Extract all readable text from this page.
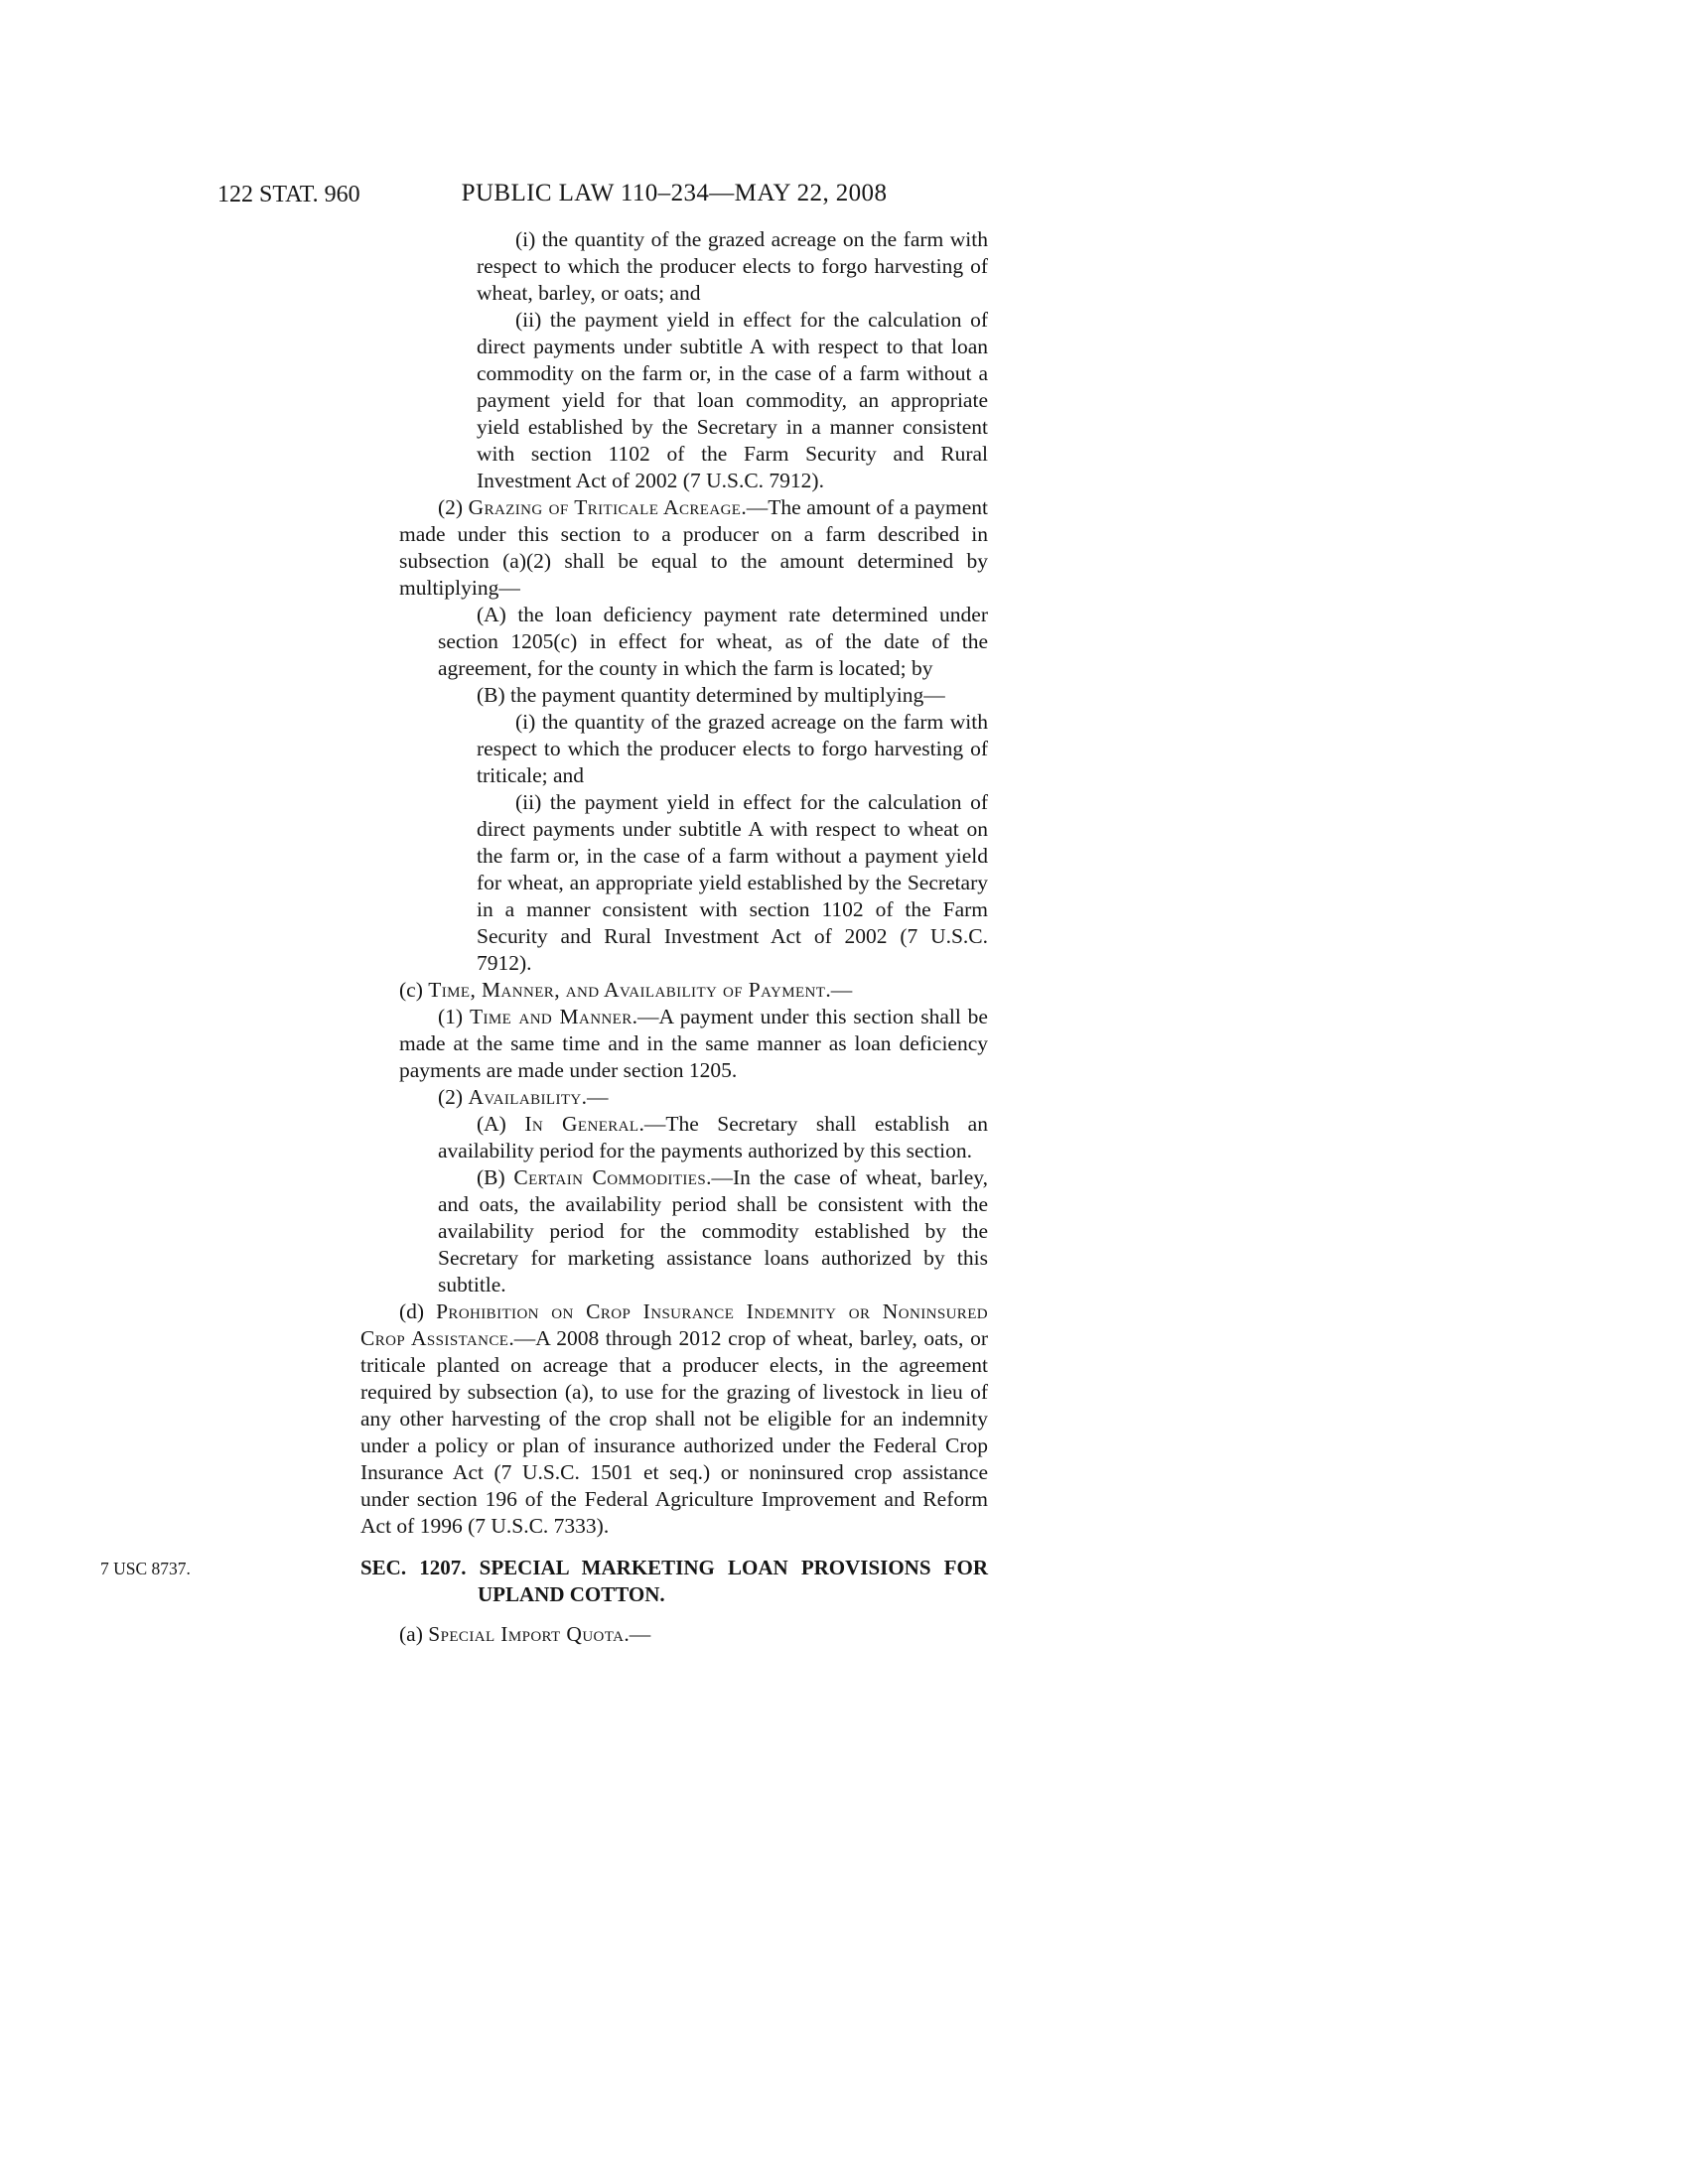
122 STAT. 960	PUBLIC LAW 110–234—MAY 22, 2008

(i) the quantity of the grazed acreage on the farm with respect to which the producer elects to forgo harvesting of wheat, barley, or oats; and

(ii) the payment yield in effect for the calculation of direct payments under subtitle A with respect to that loan commodity on the farm or, in the case of a farm without a payment yield for that loan commodity, an appropriate yield established by the Secretary in a manner consistent with section 1102 of the Farm Security and Rural Investment Act of 2002 (7 U.S.C. 7912).

(2) Grazing of Triticale Acreage.—The amount of a payment made under this section to a producer on a farm described in subsection (a)(2) shall be equal to the amount determined by multiplying—

(A) the loan deficiency payment rate determined under section 1205(c) in effect for wheat, as of the date of the agreement, for the county in which the farm is located; by

(B) the payment quantity determined by multiplying—

(i) the quantity of the grazed acreage on the farm with respect to which the producer elects to forgo harvesting of triticale; and

(ii) the payment yield in effect for the calculation of direct payments under subtitle A with respect to wheat on the farm or, in the case of a farm without a payment yield for wheat, an appropriate yield established by the Secretary in a manner consistent with section 1102 of the Farm Security and Rural Investment Act of 2002 (7 U.S.C. 7912).

(c) Time, Manner, and Availability of Payment.—

(1) Time and Manner.—A payment under this section shall be made at the same time and in the same manner as loan deficiency payments are made under section 1205.

(2) Availability.—

(A) In General.—The Secretary shall establish an availability period for the payments authorized by this section.

(B) Certain Commodities.—In the case of wheat, barley, and oats, the availability period shall be consistent with the availability period for the commodity established by the Secretary for marketing assistance loans authorized by this subtitle.

(d) Prohibition on Crop Insurance Indemnity or Noninsured Crop Assistance.—A 2008 through 2012 crop of wheat, barley, oats, or triticale planted on acreage that a producer elects, in the agreement required by subsection (a), to use for the grazing of livestock in lieu of any other harvesting of the crop shall not be eligible for an indemnity under a policy or plan of insurance authorized under the Federal Crop Insurance Act (7 U.S.C. 1501 et seq.) or noninsured crop assistance under section 196 of the Federal Agriculture Improvement and Reform Act of 1996 (7 U.S.C. 7333).

SEC. 1207. SPECIAL MARKETING LOAN PROVISIONS FOR UPLAND COTTON.
7 USC 8737.

(a) Special Import Quota.—
